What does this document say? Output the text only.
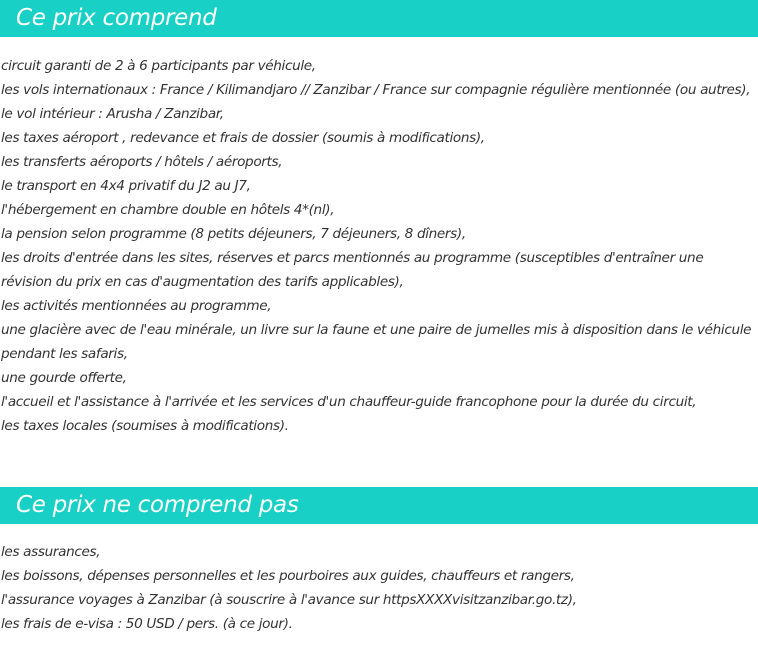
Ce prix comprend
circuit garanti de 2 à 6 participants par véhicule,
les vols internationaux : France / Kilimandjaro // Zanzibar / France sur compagnie régulière mentionnée (ou autres),
le vol intérieur : Arusha / Zanzibar,
les taxes aéroport , redevance et frais de dossier (soumis à modifications),
les transferts aéroports / hôtels / aéroports,
le transport en 4x4 privatif du J2 au J7,
l'hébergement en chambre double en hôtels 4*(nl),
la pension selon programme (8 petits déjeuners, 7 déjeuners, 8 dîners),
les droits d'entrée dans les sites, réserves et parcs mentionnés au programme (susceptibles d'entraîner une révision du prix en cas d'augmentation des tarifs applicables),
les activités mentionnées au programme,
une glacière avec de l'eau minérale, un livre sur la faune et une paire de jumelles mis à disposition dans le véhicule pendant les safaris,
une gourde offerte,
l'accueil et l'assistance à l'arrivée et les services d'un chauffeur-guide francophone pour la durée du circuit,
les taxes locales (soumises à modifications).
Ce prix ne comprend pas
les assurances,
les boissons, dépenses personnelles et les pourboires aux guides, chauffeurs et rangers,
l'assurance voyages à Zanzibar (à souscrire à l'avance sur httpsXXXXvisitzanzibar.go.tz),
les frais de e-visa : 50 USD / pers. (à ce jour).
